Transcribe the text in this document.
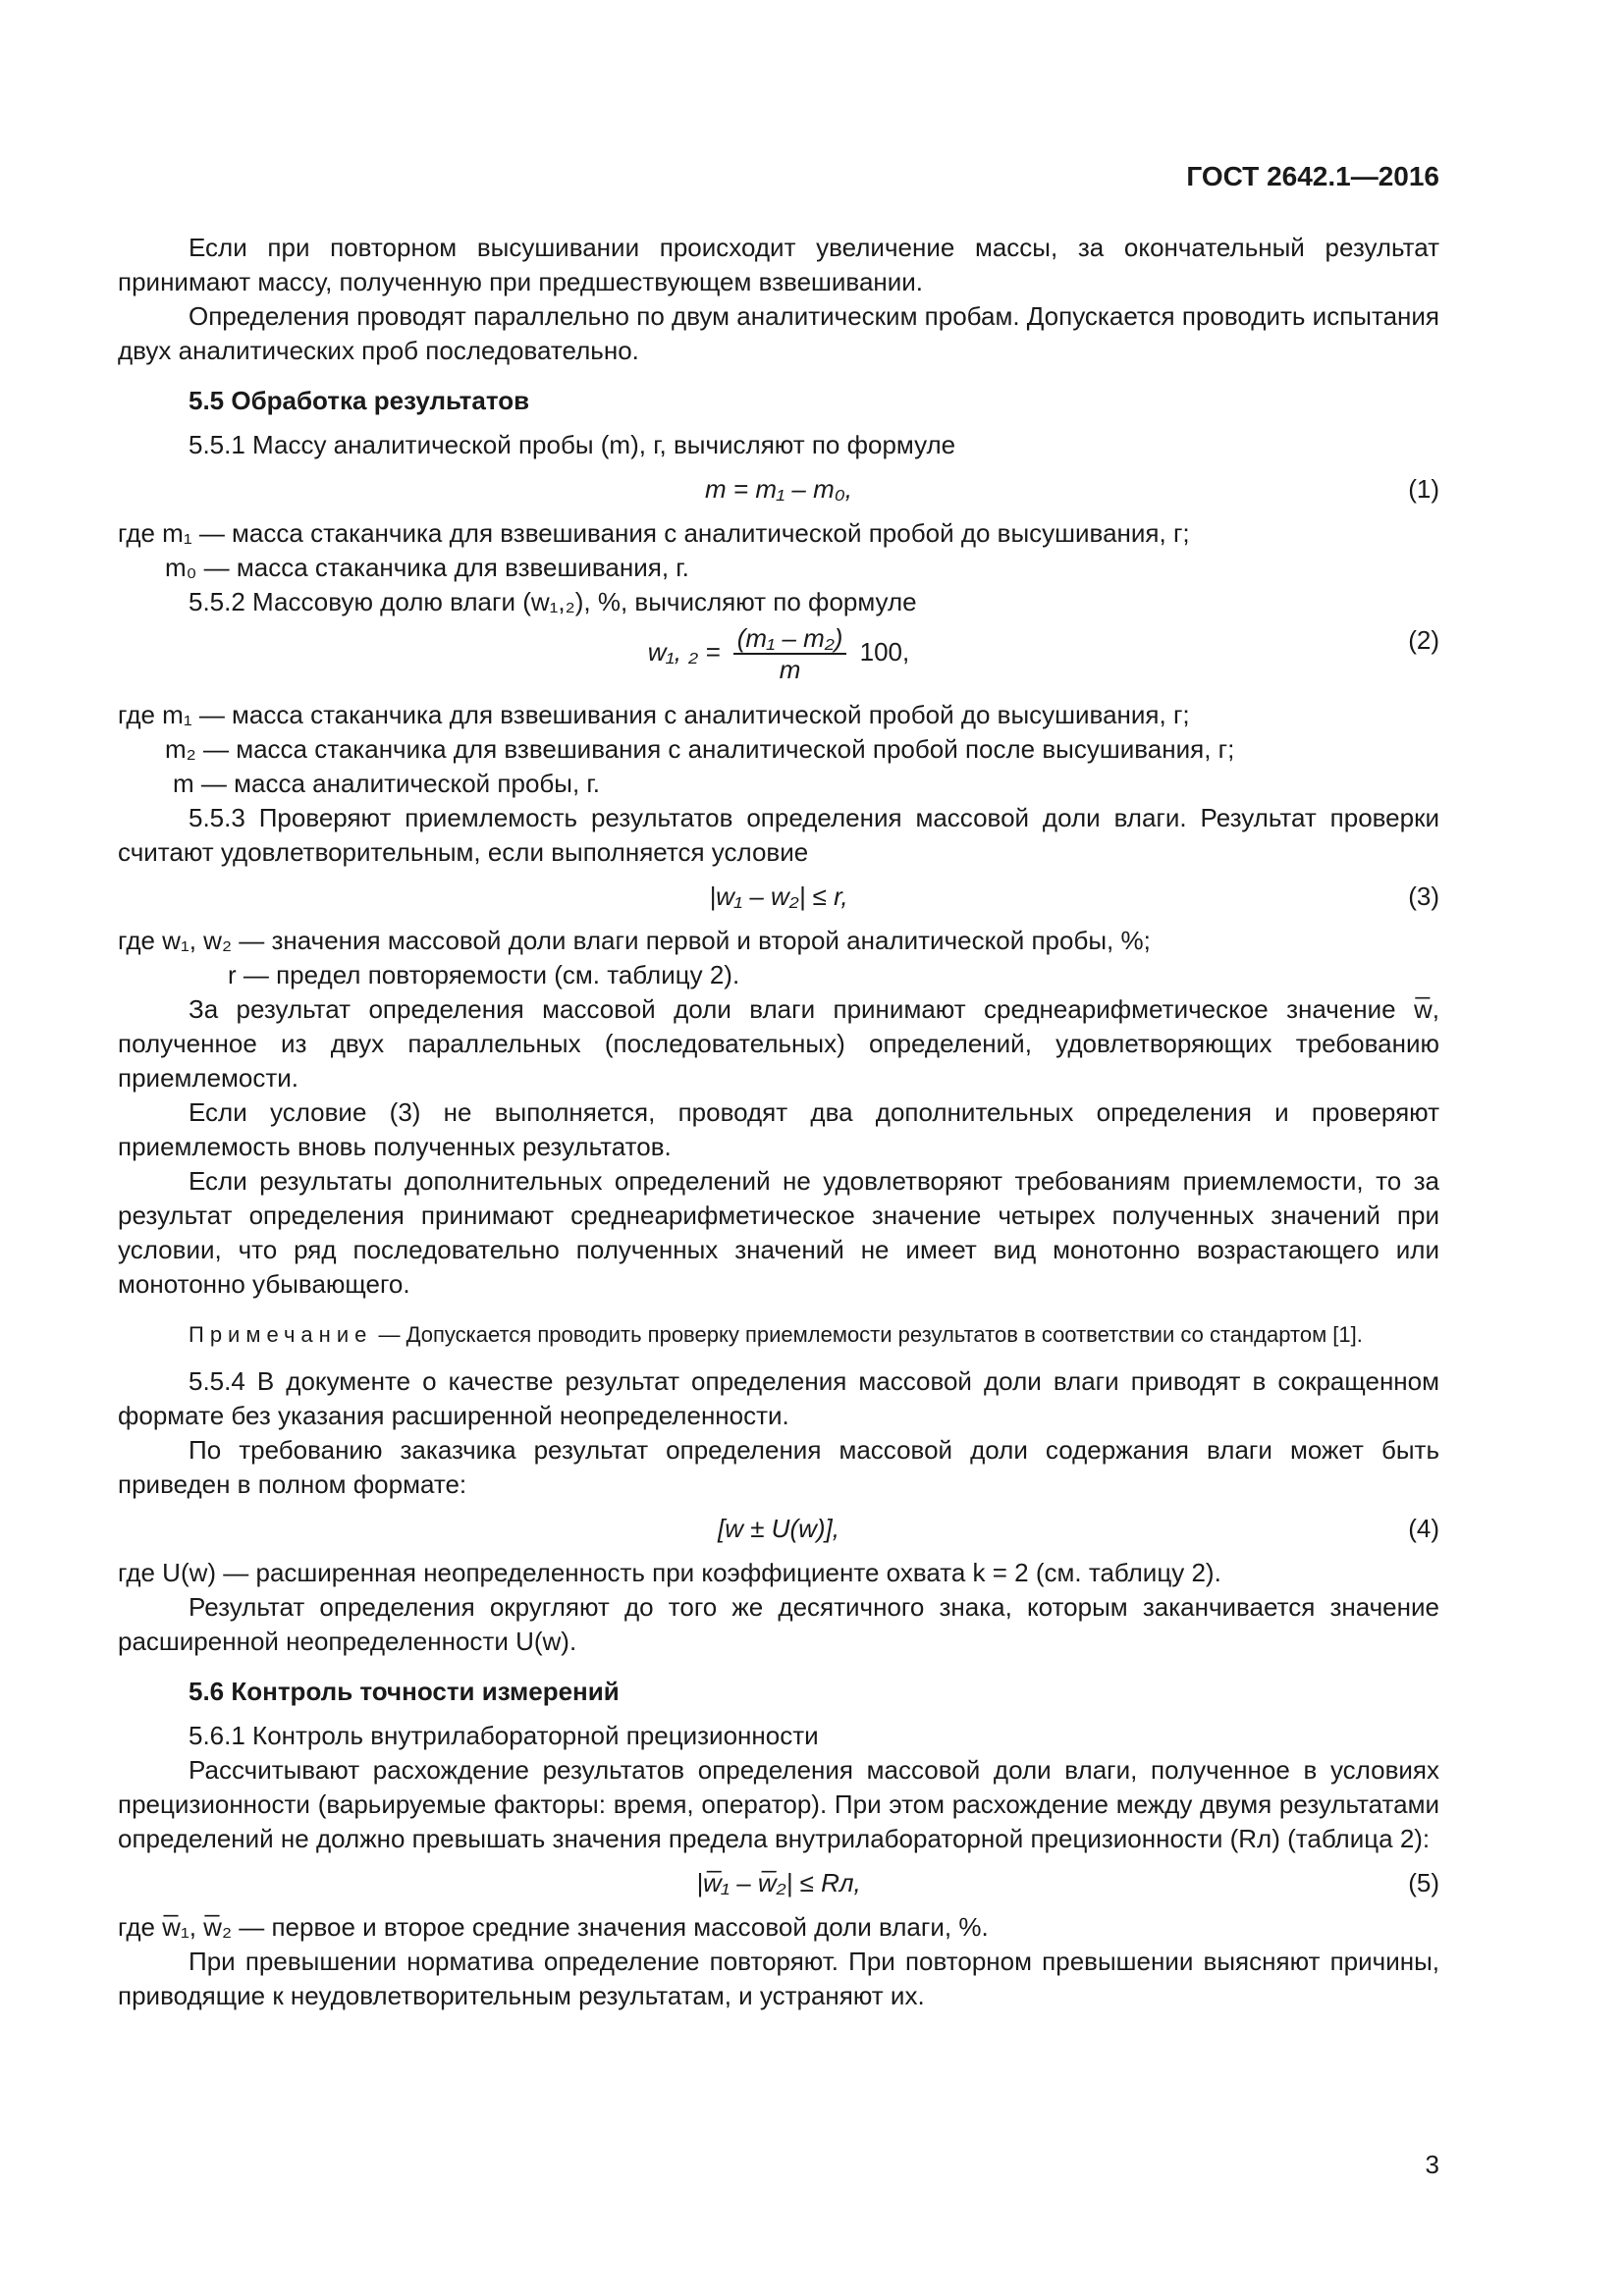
ГОСТ 2642.1—2016

Если при повторном высушивании происходит увеличение массы, за окончательный результат принимают массу, полученную при предшествующем взвешивании.

Определения проводят параллельно по двум аналитическим пробам. Допускается проводить испытания двух аналитических проб последовательно.

5.5 Обработка результатов

5.5.1 Массу аналитической пробы (m), г, вычисляют по формуле

m = m₁ – m₀,	(1)

где m₁ — масса стаканчика для взвешивания с аналитической пробой до высушивания, г;

m₀ — масса стаканчика для взвешивания, г.

5.5.2 Массовую долю влаги (w₁,₂), %, вычисляют по формуле

w₁, $_2 = \frac{\text{(m₁ – m₂)}}{m} 100$,	(2)

где m₁ — масса стаканчика для взвешивания с аналитической пробой до высушивания, г;

m₂ — масса стаканчика для взвешивания с аналитической пробой после высушивания, г;

m — масса аналитической пробы, г.

5.5.3 Проверяют приемлемость результатов определения массовой доли влаги. Результат проверки считают удовлетворительным, если выполняется условие

|w₁ – w₂| ≤ r,	(3)

где w₁, w₂ — значения массовой доли влаги первой и второй аналитической пробы, %;

r — предел повторяемости (см. таблицу 2).

За результат определения массовой доли влаги принимают среднеарифметическое значение w̅, полученное из двух параллельных (последовательных) определений, удовлетворяющих требованию приемлемости.

Если условие (3) не выполняется, проводят два дополнительных определения и проверяют приемлемость вновь полученных результатов.

Если результаты дополнительных определений не удовлетворяют требованиям приемлемости, то за результат определения принимают среднеарифметическое значение четырех полученных значений при условии, что ряд последовательно полученных значений не имеет вид монотонно возрастающего или монотонно убывающего.

Примечание — Допускается проводить проверку приемлемости результатов в соответствии со стандартом [1].

5.5.4 В документе о качестве результат определения массовой доли влаги приводят в сокращенном формате без указания расширенной неопределенности.

По требованию заказчика результат определения массовой доли содержания влаги может быть приведен в полном формате:

[w ± U(w)],	(4)

где U(w) — расширенная неопределенность при коэффициенте охвата k = 2 (см. таблицу 2).

Результат определения округляют до того же десятичного знака, которым заканчивается значение расширенной неопределенности U(w).

5.6 Контроль точности измерений

5.6.1 Контроль внутрилабораторной прецизионности

Рассчитывают расхождение результатов определения массовой доли влаги, полученное в условиях прецизионности (варьируемые факторы: время, оператор). При этом расхождение между двумя результатами определений не должно превышать значения предела внутрилабораторной прецизионности (Rл) (таблица 2):

|w̅₁ – w̅₂| ≤ Rл,	(5)

где w̅₁, w̅₂ — первое и второе средние значения массовой доли влаги, %.

При превышении норматива определение повторяют. При повторном превышении выясняют причины, приводящие к неудовлетворительным результатам, и устраняют их.

3
